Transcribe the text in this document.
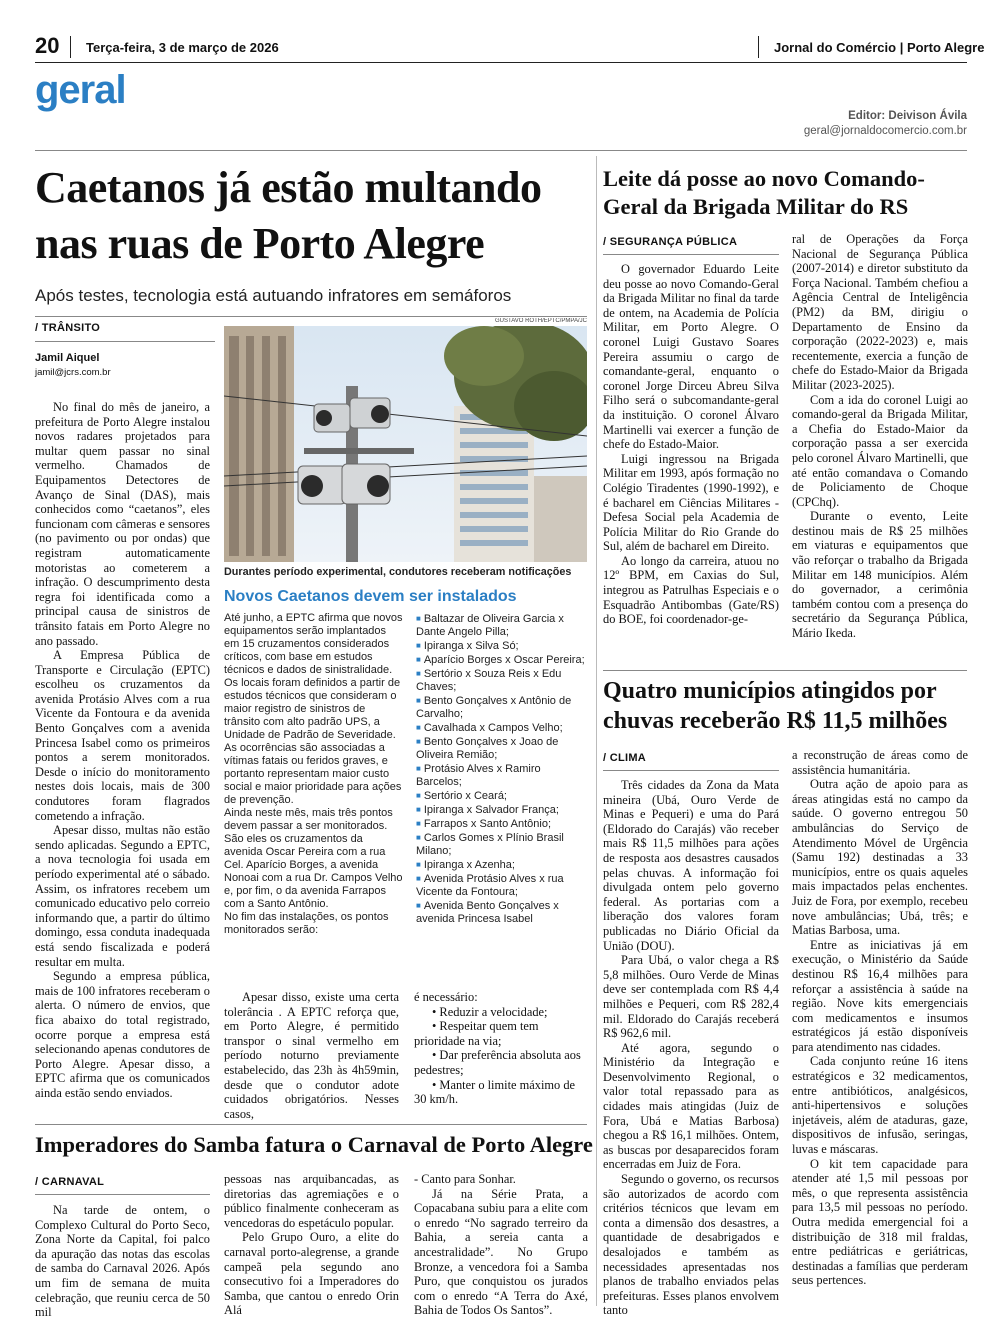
20 Terça-feira, 3 de março de 2026	Jornal do Comércio | Porto Alegre
geral
Editor: Deivison Ávila
geral@jornaldocomercio.com.br
Caetanos já estão multando
nas ruas de Porto Alegre
Após testes, tecnologia está autuando infratores em semáforos
/ TRÂNSITO
Jamil Aiquel
jamil@jcrs.com.br

No final do mês de janeiro, a prefeitura de Porto Alegre instalou novos radares projetados para multar quem passar no sinal vermelho. Chamados de Equipamentos Detectores de Avanço de Sinal (DAS), mais conhecidos como “caetanos”, eles funcionam com câmeras e sensores (no pavimento ou por ondas) que registram automaticamente motoristas ao cometerem a infração. O descumprimento desta regra foi identificada como a principal causa de sinistros de trânsito fatais em Porto Alegre no ano passado.

A Empresa Pública de Transporte e Circulação (EPTC) escolheu os cruzamentos da avenida Protásio Alves com a rua Vicente da Fontoura e da avenida Bento Gonçalves com a avenida Princesa Isabel como os primeiros pontos a serem monitorados. Desde o início do monitoramento nestes dois locais, mais de 300 condutores foram flagrados cometendo a infração.

Apesar disso, multas não estão sendo aplicadas. Segundo a EPTC, a nova tecnologia foi usada em período experimental até o sábado. Assim, os infratores recebem um comunicado educativo pelo correio informando que, a partir do último domingo, essa conduta inadequada está sendo fiscalizada e poderá resultar em multa.

Segundo a empresa pública, mais de 100 infratores receberam o alerta. O número de envios, que fica abaixo do total registrado, ocorre porque a empresa está selecionando apenas condutores de Porto Alegre. Apesar disso, a EPTC afirma que os comunicados ainda estão sendo enviados.

GUSTAVO ROTH/EPTC/PMPA/JC
Durantes período experimental, condutores receberam notificações
Novos Caetanos devem ser instalados
Até junho, a EPTC afirma que novos equipamentos serão implantados em 15 cruzamentos considerados críticos, com base em estudos técnicos e dados de sinistralidade. Os locais foram definidos a partir de estudos técnicos que consideram o maior registro de sinistros de trânsito com alto padrão UPS, a Unidade de Padrão de Severidade.
As ocorrências são associadas a vítimas fatais ou feridos graves, e portanto representam maior custo social e maior prioridade para ações de prevenção.
Ainda neste mês, mais três pontos devem passar a ser monitorados. São eles os cruzamentos da avenida Oscar Pereira com a rua Cel. Aparício Borges, a avenida Nonoai com a rua Dr. Campos Velho e, por fim, o da avenida Farrapos com a Santo Antônio.
No fim das instalações, os pontos monitorados serão:
■ Baltazar de Oliveira Garcia x Dante Angelo Pilla;
■ Ipiranga x Silva Só;
■ Aparício Borges x Oscar Pereira;
■ Sertório x Souza Reis x Edu Chaves;
■ Bento Gonçalves x Antônio de Carvalho;
■ Cavalhada x Campos Velho;
■ Bento Gonçalves x Joao de Oliveira Remião;
■ Protásio Alves x Ramiro Barcelos;
■ Sertório x Ceará;
■ Ipiranga x Salvador França;
■ Farrapos x Santo Antônio;
■ Carlos Gomes x Plínio Brasil Milano;
■ Ipiranga x Azenha;
■ Avenida Protásio Alves x rua Vicente da Fontoura;
■ Avenida Bento Gonçalves x avenida Princesa Isabel

Apesar disso, existe uma certa tolerância . A EPTC reforça que, em Porto Alegre, é permitido transpor o sinal vermelho em período noturno previamente estabelecido, das 23h às 4h59min, desde que o condutor adote cuidados obrigatórios. Nesses casos,

é necessário:

• Reduzir a velocidade;

• Respeitar quem tem prioridade na via;

• Dar preferência absoluta aos pedestres;

• Manter o limite máximo de 30 km/h.

Imperadores do Samba fatura o Carnaval de Porto Alegre
/ CARNAVAL

Na tarde de ontem, o Complexo Cultural do Porto Seco, Zona Norte da Capital, foi palco da apuração das notas das escolas de samba do Carnaval 2026. Após um fim de semana de muita celebração, que reuniu cerca de 50 mil

pessoas nas arquibancadas, as diretorias das agremiações e o público finalmente conheceram as vencedoras do espetáculo popular.

Pelo Grupo Ouro, a elite do carnaval porto-alegrense, a grande campeã pela segundo ano consecutivo foi a Imperadores do Samba, que cantou o enredo Orin Alá

- Canto para Sonhar.

Já na Série Prata, a Copacabana subiu para a elite com o enredo “No sagrado terreiro da Bahia, a sereia canta a ancestralidade”. No Grupo Bronze, a vencedora foi a Samba Puro, que conquistou os jurados com o enredo “A Terra do Axé, Bahia de Todos Os Santos”.

Leite dá posse ao novo Comando-
Geral da Brigada Militar do RS
/ SEGURANÇA PÚBLICA

O governador Eduardo Leite deu posse ao novo Comando-Geral da Brigada Militar no final da tarde de ontem, na Academia de Polícia Militar, em Porto Alegre. O coronel Luigi Gustavo Soares Pereira assumiu o cargo de comandante-geral, enquanto o coronel Jorge Dirceu Abreu Silva Filho será o subcomandante-geral da instituição. O coronel Álvaro Martinelli vai exercer a função de chefe do Estado-Maior.

Luigi ingressou na Brigada Militar em 1993, após formação no Colégio Tiradentes (1990-1992), e é bacharel em Ciências Militares - Defesa Social pela Academia de Polícia Militar do Rio Grande do Sul, além de bacharel em Direito.

Ao longo da carreira, atuou no 12º BPM, em Caxias do Sul, integrou as Patrulhas Especiais e o Esquadrão Antibombas (Gate/RS) do BOE, foi coordenador-ge-

ral de Operações da Força Nacional de Segurança Pública (2007-2014) e diretor substituto da Força Nacional. Também chefiou a Agência Central de Inteligência (PM2) da BM, dirigiu o Departamento de Ensino da corporação (2022-2023) e, mais recentemente, exercia a função de chefe do Estado-Maior da Brigada Militar (2023-2025).

Com a ida do coronel Luigi ao comando-geral da Brigada Militar, a Chefia do Estado-Maior da corporação passa a ser exercida pelo coronel Álvaro Martinelli, que até então comandava o Comando de Policiamento de Choque (CPChq).

Durante o evento, Leite destinou mais de R$ 25 milhões em viaturas e equipamentos que vão reforçar o trabalho da Brigada Militar em 148 municípios. Além do governador, a cerimônia também contou com a presença do secretário da Segurança Pública, Mário Ikeda.

Quatro municípios atingidos por
chuvas receberão R$ 11,5 milhões
/ CLIMA

Três cidades da Zona da Mata mineira (Ubá, Ouro Verde de Minas e Pequeri) e uma do Pará (Eldorado do Carajás) vão receber mais R$ 11,5 milhões para ações de resposta aos desastres causados pelas chuvas. A informação foi divulgada ontem pelo governo federal. As portarias com a liberação dos valores foram publicadas no Diário Oficial da União (DOU).

Para Ubá, o valor chega a R$ 5,8 milhões. Ouro Verde de Minas deve ser contemplada com R$ 4,4 milhões e Pequeri, com R$ 282,4 mil. Eldorado do Carajás receberá R$ 962,6 mil.

Até agora, segundo o Ministério da Integração e Desenvolvimento Regional, o valor total repassado para as cidades mais atingidas (Juiz de Fora, Ubá e Matias Barbosa) chegou a R$ 16,1 milhões. Ontem, as buscas por desaparecidos foram encerradas em Juiz de Fora.

Segundo o governo, os recursos são autorizados de acordo com critérios técnicos que levam em conta a dimensão dos desastres, a quantidade de desabrigados e desalojados e também as necessidades apresentadas nos planos de trabalho enviados pelas prefeituras. Esses planos envolvem tanto

a reconstrução de áreas como de assistência humanitária.

Outra ação de apoio para as áreas atingidas está no campo da saúde. O governo entregou 50 ambulâncias do Serviço de Atendimento Móvel de Urgência (Samu 192) destinadas a 33 municípios, entre os quais aqueles mais impactados pelas enchentes. Juiz de Fora, por exemplo, recebeu nove ambulâncias; Ubá, três; e Matias Barbosa, uma.

Entre as iniciativas já em execução, o Ministério da Saúde destinou R$ 16,4 milhões para reforçar a assistência à saúde na região. Nove kits emergenciais com medicamentos e insumos estratégicos já estão disponíveis para atendimento nas cidades.

Cada conjunto reúne 16 itens estratégicos e 32 medicamentos, entre antibióticos, analgésicos, anti-hipertensivos e soluções injetáveis, além de ataduras, gaze, dispositivos de infusão, seringas, luvas e máscaras.

O kit tem capacidade para atender até 1,5 mil pessoas por mês, o que representa assistência para 13,5 mil pessoas no período. Outra medida emergencial foi a distribuição de 318 mil fraldas, entre pediátricas e geriátricas, destinadas a famílias que perderam seus pertences.
